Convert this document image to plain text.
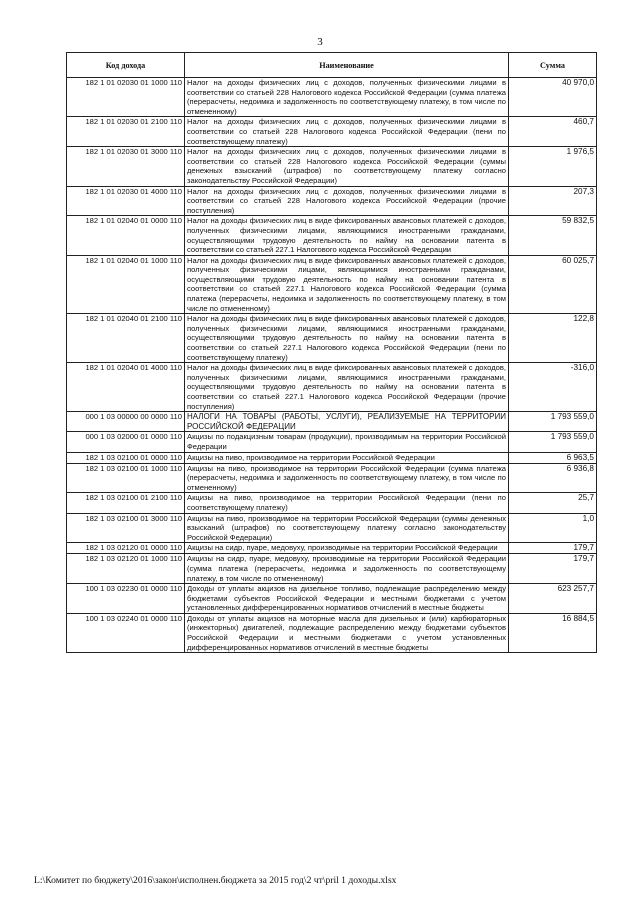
3
Код дохода	Наименование	Сумма
182 1 01 02030 01 1000 110	Налог на доходы физических лиц с доходов, полученных физическими лицами в соответствии со статьей 228 Налогового кодекса Российской Федерации (сумма платежа (перерасчеты, недоимка и задолженность по соответствующему платежу, в том числе по отмененному)	40 970,0
182 1 01 02030 01 2100 110	Налог на доходы физических лиц с доходов, полученных физическими лицами в соответствии со статьей 228 Налогового кодекса Российской Федерации (пени по соответствующему платежу)	460,7
182 1 01 02030 01 3000 110	Налог на доходы физических лиц с доходов, полученных физическими лицами в соответствии со статьей 228 Налогового кодекса Российской Федерации (суммы денежных взысканий (штрафов) по соответствующему платежу согласно законодательству Российской Федерации)	1 976,5
182 1 01 02030 01 4000 110	Налог на доходы физических лиц с доходов, полученных физическими лицами в соответствии со статьей 228 Налогового кодекса Российской Федерации (прочие поступления)	207,3
182 1 01 02040 01 0000 110	Налог на доходы физических лиц в виде фиксированных авансовых платежей с доходов, полученных физическими лицами, являющимися иностранными гражданами, осуществляющими трудовую деятельность по найму на основании патента в соответствии со статьей 227.1 Налогового кодекса Российской Федерации	59 832,5
182 1 01 02040 01 1000 110	Налог на доходы физических лиц в виде фиксированных авансовых платежей с доходов, полученных физическими лицами, являющимися иностранными гражданами, осуществляющими трудовую деятельность по найму на основании патента в соответствии со статьей 227.1 Налогового кодекса Российской Федерации (сумма платежа (перерасчеты, недоимка и задолженность по соответствующему платежу, в том числе по отмененному)	60 025,7
182 1 01 02040 01 2100 110	Налог на доходы физических лиц в виде фиксированных авансовых платежей с доходов, полученных физическими лицами, являющимися иностранными гражданами, осуществляющими трудовую деятельность по найму на основании патента в соответствии со статьей 227.1 Налогового кодекса Российской Федерации (пени по соответствующему платежу)	122,8
182 1 01 02040 01 4000 110	Налог на доходы физических лиц в виде фиксированных авансовых платежей с доходов, полученных физическими лицами, являющимися иностранными гражданами, осуществляющими трудовую деятельность по найму на основании патента в соответствии со статьей 227.1 Налогового кодекса Российской Федерации (прочие поступления)	-316,0
000 1 03 00000 00 0000 110	НАЛОГИ НА ТОВАРЫ (РАБОТЫ, УСЛУГИ), РЕАЛИЗУЕМЫЕ НА ТЕРРИТОРИИ РОССИЙСКОЙ ФЕДЕРАЦИИ	1 793 559,0
000 1 03 02000 01 0000 110	Акцизы по подакцизным товарам (продукции), производимым на территории Российской Федерации	1 793 559,0
182 1 03 02100 01 0000 110	Акцизы на пиво, производимое на территории Российской Федерации	6 963,5
182 1 03 02100 01 1000 110	Акцизы на пиво, производимое на территории Российской Федерации (сумма платежа (перерасчеты, недоимка и задолженность по соответствующему платежу, в том числе по отмененному)	6 936,8
182 1 03 02100 01 2100 110	Акцизы на пиво, производимое на территории Российской Федерации (пени по соответствующему платежу)	25,7
182 1 03 02100 01 3000 110	Акцизы на пиво, производимое на территории Российской Федерации (суммы денежных взысканий (штрафов) по соответствующему платежу согласно законодательству Российской Федерации)	1,0
182 1 03 02120 01 0000 110	Акцизы на сидр, пуаре, медовуху, производимые на территории Российской Федерации	179,7
182 1 03 02120 01 1000 110	Акцизы на сидр, пуаре, медовуху, производимые на территории Российской Федерации (сумма платежа (перерасчеты, недоимка и задолженность по соответствующему платежу, в том числе по отмененному)	179,7
100 1 03 02230 01 0000 110	Доходы от уплаты акцизов на дизельное топливо, подлежащие распределению между бюджетами субъектов Российской Федерации и местными бюджетами с учетом установленных дифференцированных нормативов отчислений в местные бюджеты	623 257,7
100 1 03 02240 01 0000 110	Доходы от уплаты акцизов на моторные масла для дизельных и (или) карбюраторных (инжекторных) двигателей, подлежащие распределению между бюджетами субъектов Российской Федерации и местными бюджетами с учетом установленных дифференцированных нормативов отчислений в местные бюджеты	16 884,5
L:\Комитет по бюджету\2016\закон\исполнен.бюджета за 2015 год\2 чт\pril 1 доходы.xlsx
